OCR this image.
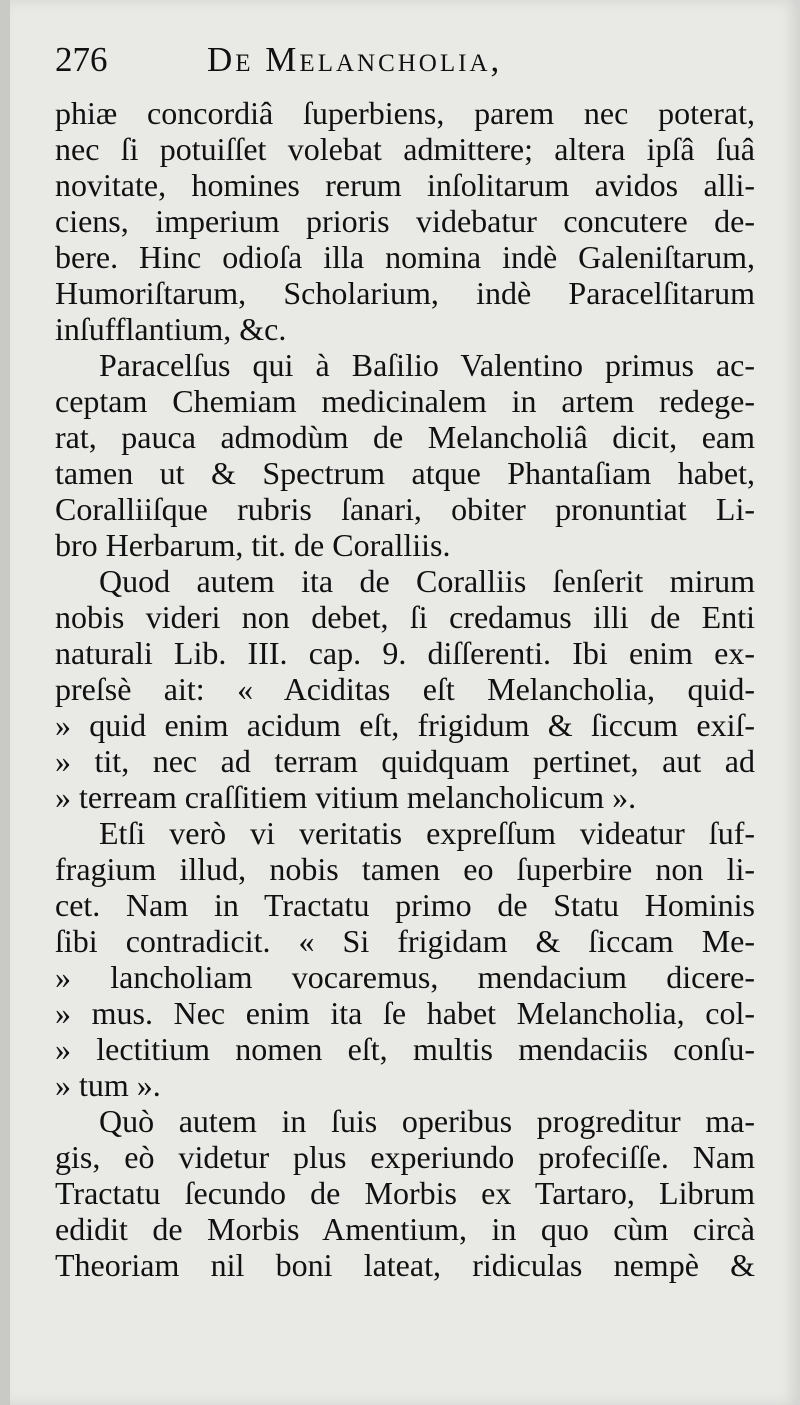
276	De Melancholia,
phiæ concordiâ ſuperbiens, parem nec poterat,
nec ſi potuiſſet volebat admittere; altera ipſâ ſuâ
novitate, homines rerum inſolitarum avidos alli-
ciens, imperium prioris videbatur concutere de-
bere. Hinc odioſa illa nomina indè Galeniſtarum,
Humoriſtarum, Scholarium, indè Paracelſitarum
inſufflantium, &c.
Paracelſus qui à Baſilio Valentino primus ac-
ceptam Chemiam medicinalem in artem redege-
rat, pauca admodùm de Melancholiâ dicit, eam
tamen ut & Spectrum atque Phantaſiam habet,
Coralliiſque rubris ſanari, obiter pronuntiat Li-
bro Herbarum, tit. de Coralliis.
Quod autem ita de Coralliis ſenſerit mirum
nobis videri non debet, ſi credamus illi de Enti
naturali Lib. III. cap. 9. diſſerenti. Ibi enim ex-
preſsè ait: « Aciditas eſt Melancholia, quid-
» quid enim acidum eſt, frigidum & ſiccum exiſ-
» tit, nec ad terram quidquam pertinet, aut ad
» terream craſſitiem vitium melancholicum ».
Etſi verò vi veritatis expreſſum videatur ſuf-
fragium illud, nobis tamen eo ſuperbire non li-
cet. Nam in Tractatu primo de Statu Hominis
ſibi contradicit. « Si frigidam & ſiccam Me-
» lancholiam vocaremus, mendacium dicere-
» mus. Nec enim ita ſe habet Melancholia, col-
» lectitium nomen eſt, multis mendaciis conſu-
» tum ».
Quò autem in ſuis operibus progreditur ma-
gis, eò videtur plus experiundo profeciſſe. Nam
Tractatu ſecundo de Morbis ex Tartaro, Librum
edidit de Morbis Amentium, in quo cùm circà
Theoriam nil boni lateat, ridiculas nempè &
